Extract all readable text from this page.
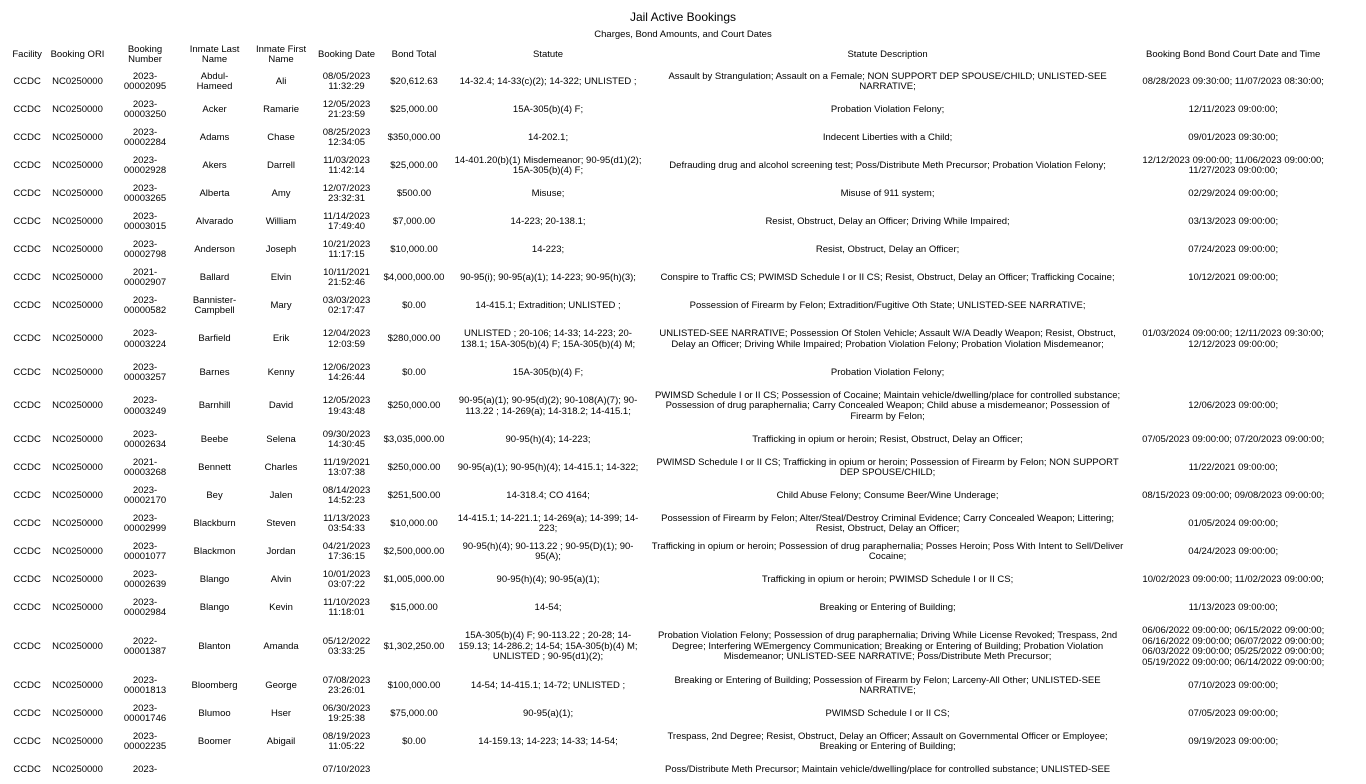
Jail Active Bookings
Charges, Bond Amounts, and Court Dates
Facility	Booking ORI	Booking Number	Inmate Last Name	Inmate First Name	Booking Date	Bond Total	Statute	Statute Description	Booking Bond Bond Court Date and Time
CCDC	NC0250000	2023-00002095	Abdul-Hameed	Ali	08/05/2023 11:32:29	$20,612.63	14-32.4; 14-33(c)(2); 14-322; UNLISTED ;	Assault by Strangulation; Assault on a Female; NON SUPPORT DEP SPOUSE/CHILD; UNLISTED-SEE NARRATIVE;	08/28/2023 09:30:00; 11/07/2023 08:30:00;
CCDC	NC0250000	2023-00003250	Acker	Ramarie	12/05/2023 21:23:59	$25,000.00	15A-305(b)(4) F;	Probation Violation Felony;	12/11/2023 09:00:00;
CCDC	NC0250000	2023-00002284	Adams	Chase	08/25/2023 12:34:05	$350,000.00	14-202.1;	Indecent Liberties with a Child;	09/01/2023 09:30:00;
CCDC	NC0250000	2023-00002928	Akers	Darrell	11/03/2023 11:42:14	$25,000.00	14-401.20(b)(1) Misdemeanor; 90-95(d1)(2); 15A-305(b)(4) F;	Defrauding drug and alcohol screening test; Poss/Distribute Meth Precursor; Probation Violation Felony;	12/12/2023 09:00:00; 11/06/2023 09:00:00; 11/27/2023 09:00:00;
CCDC	NC0250000	2023-00003265	Alberta	Amy	12/07/2023 23:32:31	$500.00	Misuse;	Misuse of 911 system;	02/29/2024 09:00:00;
CCDC	NC0250000	2023-00003015	Alvarado	William	11/14/2023 17:49:40	$7,000.00	14-223; 20-138.1;	Resist, Obstruct, Delay an Officer; Driving While Impaired;	03/13/2023 09:00:00;
CCDC	NC0250000	2023-00002798	Anderson	Joseph	10/21/2023 11:17:15	$10,000.00	14-223;	Resist, Obstruct, Delay an Officer;	07/24/2023 09:00:00;
CCDC	NC0250000	2021-00002907	Ballard	Elvin	10/11/2021 21:52:46	$4,000,000.00	90-95(i); 90-95(a)(1); 14-223; 90-95(h)(3);	Conspire to Traffic CS; PWIMSD Schedule I or II CS; Resist, Obstruct, Delay an Officer; Trafficking Cocaine;	10/12/2021 09:00:00;
CCDC	NC0250000	2023-00000582	Bannister-Campbell	Mary	03/03/2023 02:17:47	$0.00	14-415.1; Extradition; UNLISTED ;	Possession of Firearm by Felon; Extradition/Fugitive Oth State; UNLISTED-SEE NARRATIVE;	
CCDC	NC0250000	2023-00003224	Barfield	Erik	12/04/2023 12:03:59	$280,000.00	UNLISTED ; 20-106; 14-33; 14-223; 20-138.1; 15A-305(b)(4) F; 15A-305(b)(4) M;	UNLISTED-SEE NARRATIVE; Possession Of Stolen Vehicle; Assault W/A Deadly Weapon; Resist, Obstruct, Delay an Officer; Driving While Impaired; Probation Violation Felony; Probation Violation Misdemeanor;	01/03/2024 09:00:00; 12/11/2023 09:30:00; 12/12/2023 09:00:00;
CCDC	NC0250000	2023-00003257	Barnes	Kenny	12/06/2023 14:26:44	$0.00	15A-305(b)(4) F;	Probation Violation Felony;	
CCDC	NC0250000	2023-00003249	Barnhill	David	12/05/2023 19:43:48	$250,000.00	90-95(a)(1); 90-95(d)(2); 90-108(A)(7); 90-113.22 ; 14-269(a); 14-318.2; 14-415.1;	PWIMSD Schedule I or II CS; Possession of Cocaine; Maintain vehicle/dwelling/place for controlled substance; Possession of drug paraphernalia; Carry Concealed Weapon; Child abuse a misdemeanor; Possession of Firearm by Felon;	12/06/2023 09:00:00;
CCDC	NC0250000	2023-00002634	Beebe	Selena	09/30/2023 14:30:45	$3,035,000.00	90-95(h)(4); 14-223;	Trafficking in opium or heroin; Resist, Obstruct, Delay an Officer;	07/05/2023 09:00:00; 07/20/2023 09:00:00;
CCDC	NC0250000	2021-00003268	Bennett	Charles	11/19/2021 13:07:38	$250,000.00	90-95(a)(1); 90-95(h)(4); 14-415.1; 14-322;	PWIMSD Schedule I or II CS; Trafficking in opium or heroin; Possession of Firearm by Felon; NON SUPPORT DEP SPOUSE/CHILD;	11/22/2021 09:00:00;
CCDC	NC0250000	2023-00002170	Bey	Jalen	08/14/2023 14:52:23	$251,500.00	14-318.4; CO 4164;	Child Abuse Felony; Consume Beer/Wine Underage;	08/15/2023 09:00:00; 09/08/2023 09:00:00;
CCDC	NC0250000	2023-00002999	Blackburn	Steven	11/13/2023 03:54:33	$10,000.00	14-415.1; 14-221.1; 14-269(a); 14-399; 14-223;	Possession of Firearm by Felon; Alter/Steal/Destroy Criminal Evidence; Carry Concealed Weapon; Littering; Resist, Obstruct, Delay an Officer;	01/05/2024 09:00:00;
CCDC	NC0250000	2023-00001077	Blackmon	Jordan	04/21/2023 17:36:15	$2,500,000.00	90-95(h)(4); 90-113.22 ; 90-95(D)(1); 90-95(A);	Trafficking in opium or heroin; Possession of drug paraphernalia; Posses Heroin; Poss With Intent to Sell/Deliver Cocaine;	04/24/2023 09:00:00;
CCDC	NC0250000	2023-00002639	Blango	Alvin	10/01/2023 03:07:22	$1,005,000.00	90-95(h)(4); 90-95(a)(1);	Trafficking in opium or heroin; PWIMSD Schedule I or II CS;	10/02/2023 09:00:00; 11/02/2023 09:00:00;
CCDC	NC0250000	2023-00002984	Blango	Kevin	11/10/2023 11:18:01	$15,000.00	14-54;	Breaking or Entering of Building;	11/13/2023 09:00:00;
CCDC	NC0250000	2022-00001387	Blanton	Amanda	05/12/2022 03:33:25	$1,302,250.00	15A-305(b)(4) F; 90-113.22 ; 20-28; 14-159.13; 14-286.2; 14-54; 15A-305(b)(4) M; UNLISTED ; 90-95(d1)(2);	Probation Violation Felony; Possession of drug paraphernalia; Driving While License Revoked; Trespass, 2nd Degree; Interfering WEmergency Communication; Breaking or Entering of Building; Probation Violation Misdemeanor; UNLISTED-SEE NARRATIVE; Poss/Distribute Meth Precursor;	06/06/2022 09:00:00; 06/15/2022 09:00:00; 06/16/2022 09:00:00; 06/07/2022 09:00:00; 06/03/2022 09:00:00; 05/25/2022 09:00:00; 05/19/2022 09:00:00; 06/14/2022 09:00:00;
CCDC	NC0250000	2023-00001813	Bloomberg	George	07/08/2023 23:26:01	$100,000.00	14-54; 14-415.1; 14-72; UNLISTED ;	Breaking or Entering of Building; Possession of Firearm by Felon; Larceny-All Other; UNLISTED-SEE NARRATIVE;	07/10/2023 09:00:00;
CCDC	NC0250000	2023-00001746	Blumoo	Hser	06/30/2023 19:25:38	$75,000.00	90-95(a)(1);	PWIMSD Schedule I or II CS;	07/05/2023 09:00:00;
CCDC	NC0250000	2023-00002235	Boomer	Abigail	08/19/2023 11:05:22	$0.00	14-159.13; 14-223; 14-33; 14-54;	Trespass, 2nd Degree; Resist, Obstruct, Delay an Officer; Assault on Governmental Officer or Employee; Breaking or Entering of Building;	09/19/2023 09:00:00;
CCDC	NC0250000	2023-			07/10/2023			Poss/Distribute Meth Precursor; Maintain vehicle/dwelling/place for controlled substance; UNLISTED-SEE	
